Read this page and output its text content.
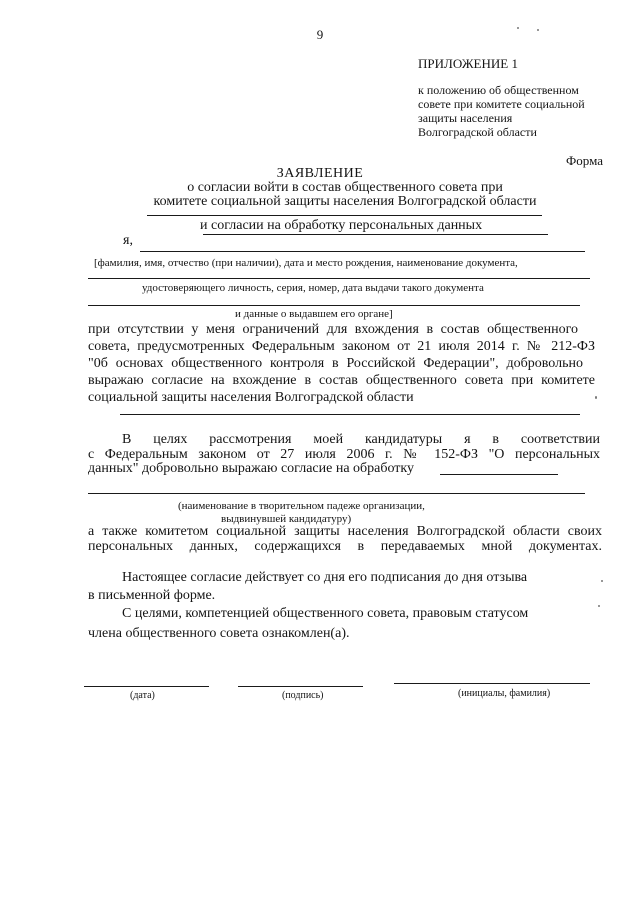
9
ПРИЛОЖЕНИЕ 1
к положению об общественном
совете при комитете социальной
защиты населения
Волгоградской области
Форма
ЗАЯВЛЕНИЕ
о согласии войти в состав общественного совета при
комитете социальной защиты населения Волгоградской области
и согласии на обработку персональных данных
я,
[фамилия, имя, отчество (при наличии), дата и место рождения, наименование документа,
удостоверяющего личность, серия, номер, дата выдачи такого документа
и данные о выдавшем его органе]
при отсутствии у меня ограничений для вхождения в состав общественного
совета, предусмотренных Федеральным законом от 21 июля 2014 г. № 212-ФЗ
"0б основах общественного контроля в Российской Федерации", добровольно
выражаю согласие на вхождение в состав общественного совета при комитете
социальной защиты населения Волгоградской области
В целях рассмотрения моей кандидатуры я в соответствии
с Федеральным законом от 27 июля 2006 г. № 152-ФЗ "О персональных
данных" добровольно выражаю согласие на обработку
(наименование в творительном падеже организации,
выдвинувшей кандидатуру)
а также комитетом социальной защиты населения Волгоградской области своих
персональных данных, содержащихся в передаваемых мной документах.
Настоящее согласие действует со дня его подписания до дня отзыва
в письменной форме.
С целями, компетенцией общественного совета, правовым статусом
члена общественного совета ознакомлен(а).
(дата)	(подпись)	(инициалы, фамилия)
